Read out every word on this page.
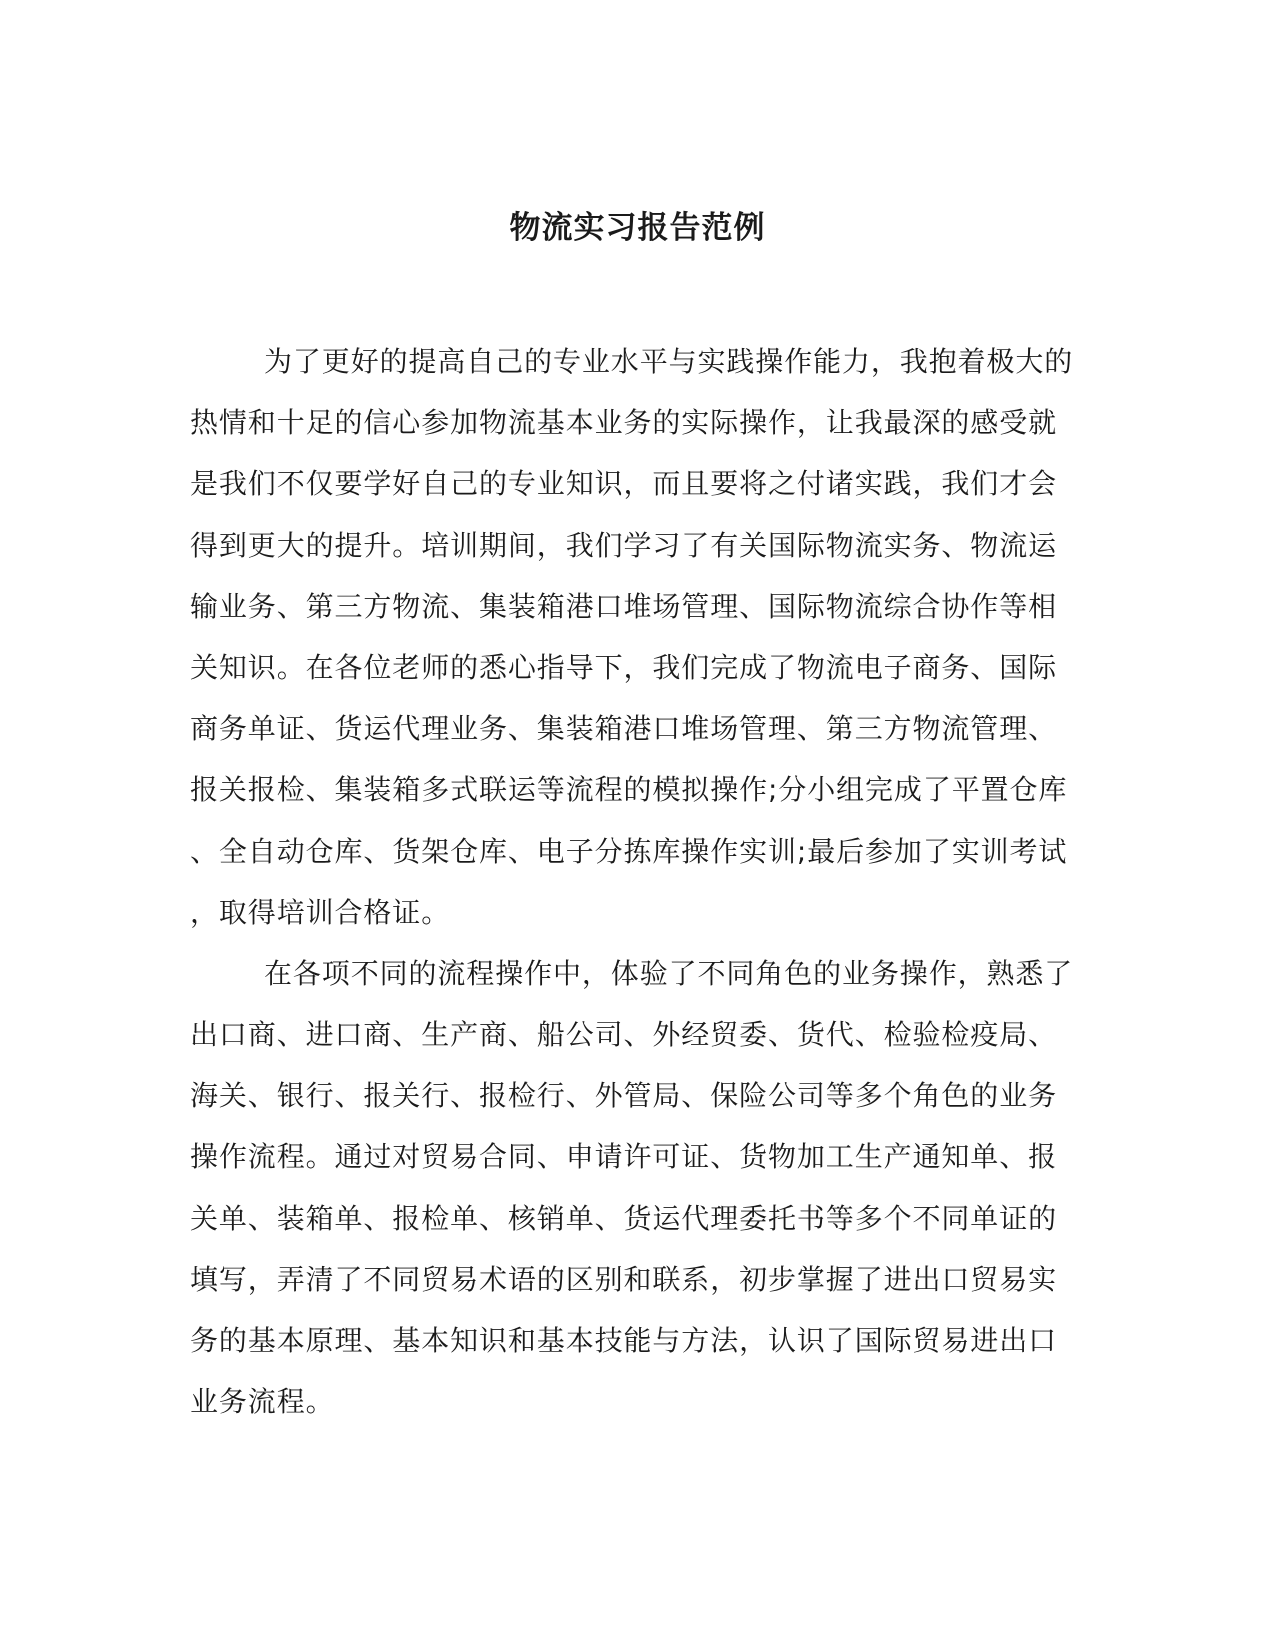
物流实习报告范例

为了更好的提高自己的专业水平与实践操作能力，我抱着极大的
热情和十足的信心参加物流基本业务的实际操作，让我最深的感受就
是我们不仅要学好自己的专业知识，而且要将之付诸实践，我们才会
得到更大的提升。培训期间，我们学习了有关国际物流实务、物流运
输业务、第三方物流、集装箱港口堆场管理、国际物流综合协作等相
关知识。在各位老师的悉心指导下，我们完成了物流电子商务、国际
商务单证、货运代理业务、集装箱港口堆场管理、第三方物流管理、
报关报检、集装箱多式联运等流程的模拟操作;分小组完成了平置仓库
、全自动仓库、货架仓库、电子分拣库操作实训;最后参加了实训考试
，取得培训合格证。

在各项不同的流程操作中，体验了不同角色的业务操作，熟悉了
出口商、进口商、生产商、船公司、外经贸委、货代、检验检疫局、
海关、银行、报关行、报检行、外管局、保险公司等多个角色的业务
操作流程。通过对贸易合同、申请许可证、货物加工生产通知单、报
关单、装箱单、报检单、核销单、货运代理委托书等多个不同单证的
填写，弄清了不同贸易术语的区别和联系，初步掌握了进出口贸易实
务的基本原理、基本知识和基本技能与方法，认识了国际贸易进出口
业务流程。
